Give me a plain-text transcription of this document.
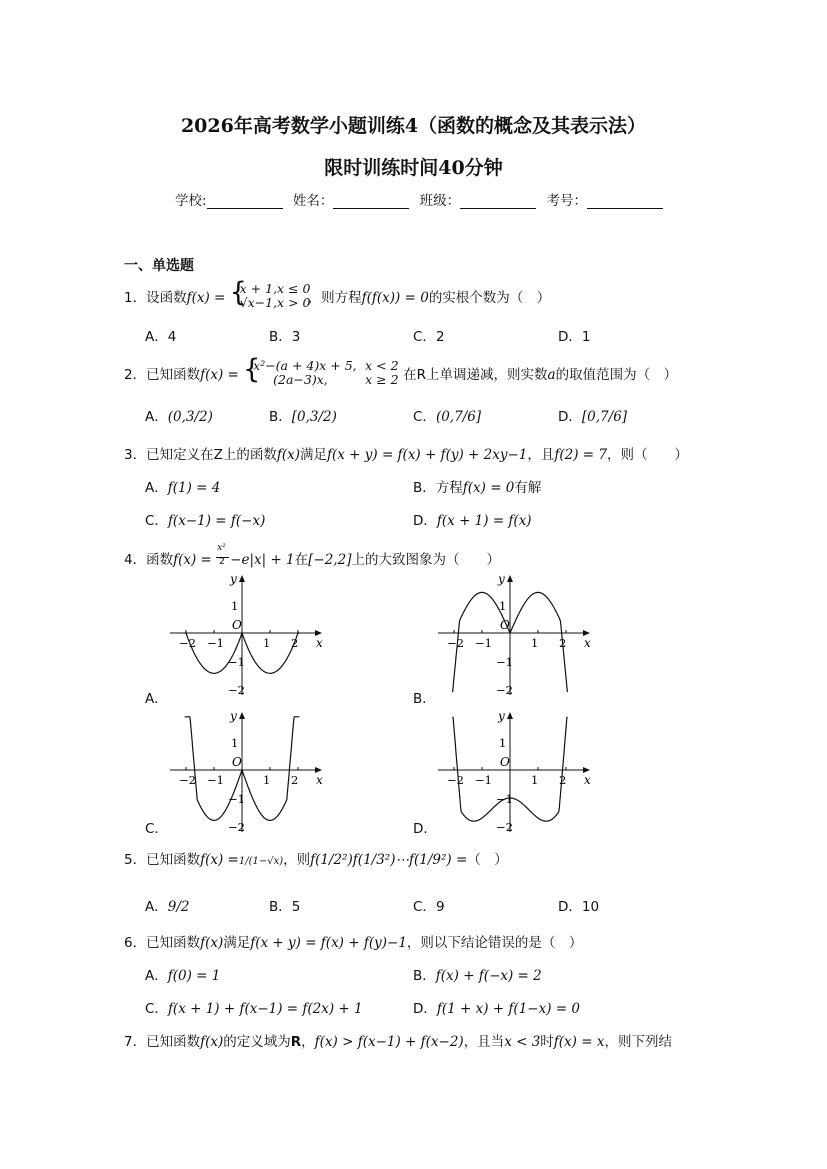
2026年高考数学小题训练4（函数的概念及其表示法）
限时训练时间40分钟
学校:	姓名：	班级：	考号：
一、单选题
1．设函数f(x) = {
x + 1,x ≤ 0
√x−1,x > 0
，则方程f(f(x)) = 0的实根个数为（　）
A．4	B．3	C．2	D．1
2．已知函数f(x) = {
x²−(a + 4)x + 5, x < 2
(2a−3)x,	x ≥ 2 在R上单调递减，则实数a的取值范围为（　）
A．(0,3/2)	B．[0,3/2)	C．(0,7/6]	D．[0,7/6]
3．已知定义在Z上的函数f(x)满足f(x + y) = f(x) + f(y) + 2xy−1，且f(2) = 7，则（　　）
A．f(1) = 4	B．方程f(x) = 0有解
C．f(x−1) = f(−x)	D．f(x + 1) = f(x)
4．函数$f(x) = \frac{\text{x²}}{2} -e|x| + 1$在[−2,2]上的大致图象为（　　）
x
y
O
−2 −1	1 2
1
−1
−2
x
y
O
−2 −1	1 2
1
−1
−2
x
y
O
−2 −1	1 2
1
−1
−2
x
y
O
−2 −1	1 2
1
−1
−2
A．	B．
C．	D．
5．已知函数f(x) =1/(1−√x)，则f(1/2²)f(1/3²)⋯f(1/9²) =（　）
A．9/2	B．5	C．9	D．10
6．已知函数f(x)满足f(x + y) = f(x) + f(y)−1，则以下结论错误的是（　）
A．f(0) = 1	B．f(x) + f(−x) = 2
C．f(x + 1) + f(x−1) = f(2x) + 1	D．f(1 + x) + f(1−x) = 0
7．已知函数f(x)的定义域为R，f(x) > f(x−1) + f(x−2)，且当x < 3时f(x) = x，则下列结
